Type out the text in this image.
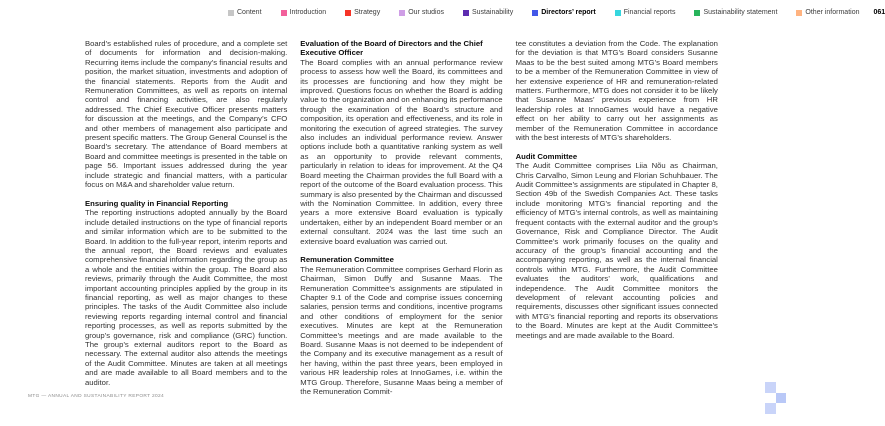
Content	Introduction	Strategy	Our studios	Sustainability	Directors’ report	Financial reports	Sustainability statement	Other information 061

Board’s established rules of procedure, and a complete set of documents for information and decision-making. Recurring items include the company’s financial results and position, the market situation, investments and adoption of the financial statements. Reports from the Audit and Remuneration Committees, as well as reports on internal control and financing activities, are also regularly addressed. The Chief Executive Officer presents matters for discussion at the meetings, and the Company’s CFO and other members of management also participate and present specific matters. The Group General Counsel is the Board’s secretary. The attendance of Board members at Board and committee meetings is presented in the table on page 56. Important issues addressed during the year include strategic and financial matters, with a particular focus on M&A and shareholder value return.

Ensuring quality in Financial Reporting

The reporting instructions adopted annually by the Board include detailed instructions on the type of financial reports and similar information which are to be submitted to the Board. In addition to the full-year report, interim reports and the annual report, the Board reviews and evaluates comprehensive financial information regarding the group as a whole and the entities within the group. The Board also reviews, primarily through the Audit Committee, the most important accounting principles applied by the group in its financial reporting, as well as major changes to these principles. The tasks of the Audit Committee also include reviewing reports regarding internal control and financial reporting processes, as well as reports submitted by the group’s governance, risk and compliance (GRC) function. The group’s external auditors report to the Board as necessary. The external auditor also attends the meetings of the Audit Committee. Minutes are taken at all meetings and are made available to all Board members and to the auditor.

Evaluation of the Board of Directors and the Chief Executive Officer

The Board complies with an annual performance review process to assess how well the Board, its committees and its processes are functioning and how they might be improved. Questions focus on whether the Board is adding value to the organization and on enhancing its performance through the examination of the Board’s structure and composition, its operation and effectiveness, and its role in monitoring the execution of agreed strategies. The survey also includes an individual performance review. Answer options include both a quantitative ranking system as well as an opportunity to provide relevant comments, particularly in relation to ideas for improvement. At the Q4 Board meeting the Chairman provides the full Board with a report of the outcome of the Board evaluation process. This summary is also presented by the Chairman and discussed with the Nomination Committee. In addition, every three years a more extensive Board evaluation is typically undertaken, either by an independent Board member or an external consultant. 2024 was the last time such an extensive board evaluation was carried out.

Remuneration Committee

The Remuneration Committee comprises Gerhard Florin as Chairman, Simon Duffy and Susanne Maas. The Remuneration Committee’s assignments are stipulated in Chapter 9.1 of the Code and comprise issues concerning salaries, pension terms and conditions, incentive programs and other conditions of employment for the senior executives. Minutes are kept at the Remuneration Committee’s meetings and are made available to the Board. Susanne Maas is not deemed to be independent of the Company and its executive management as a result of her having, within the past three years, been employed in various HR leadership roles at InnoGames, i.e. within the MTG Group. Therefore, Susanne Maas being a member of the Remuneration Commit-

tee constitutes a deviation from the Code. The explanation for the deviation is that MTG’s Board considers Susanne Maas to be the best suited among MTG’s Board members to be a member of the Remuneration Committee in view of her extensive experience of HR and remuneration-related matters. Furthermore, MTG does not consider it to be likely that Susanne Maas’ previous experience from HR leadership roles at InnoGames would have a negative effect on her ability to carry out her assignments as member of the Remuneration Committee in accordance with the best interests of MTG’s shareholders.

Audit Committee

The Audit Committee comprises Liia Nõu as Chairman, Chris Carvalho, Simon Leung and Florian Schuhbauer. The Audit Committee’s assignments are stipulated in Chapter 8, Section 49b of the Swedish Companies Act. These tasks include monitoring MTG’s financial reporting and the efficiency of MTG’s internal controls, as well as maintaining frequent contacts with the external auditor and the group’s Governance, Risk and Compliance Director. The Audit Committee’s work primarily focuses on the quality and accuracy of the group’s financial accounting and the accompanying reporting, as well as the internal financial controls within MTG. Furthermore, the Audit Committee evaluates the auditors’ work, qualifications and independence. The Audit Committee monitors the development of relevant accounting policies and requirements, discusses other significant issues connected with MTG’s financial reporting and reports its observations to the Board. Minutes are kept at the Audit Committee’s meetings and are made available to the Board.

MTG — ANNUAL AND SUSTAINABILITY REPORT 2024
